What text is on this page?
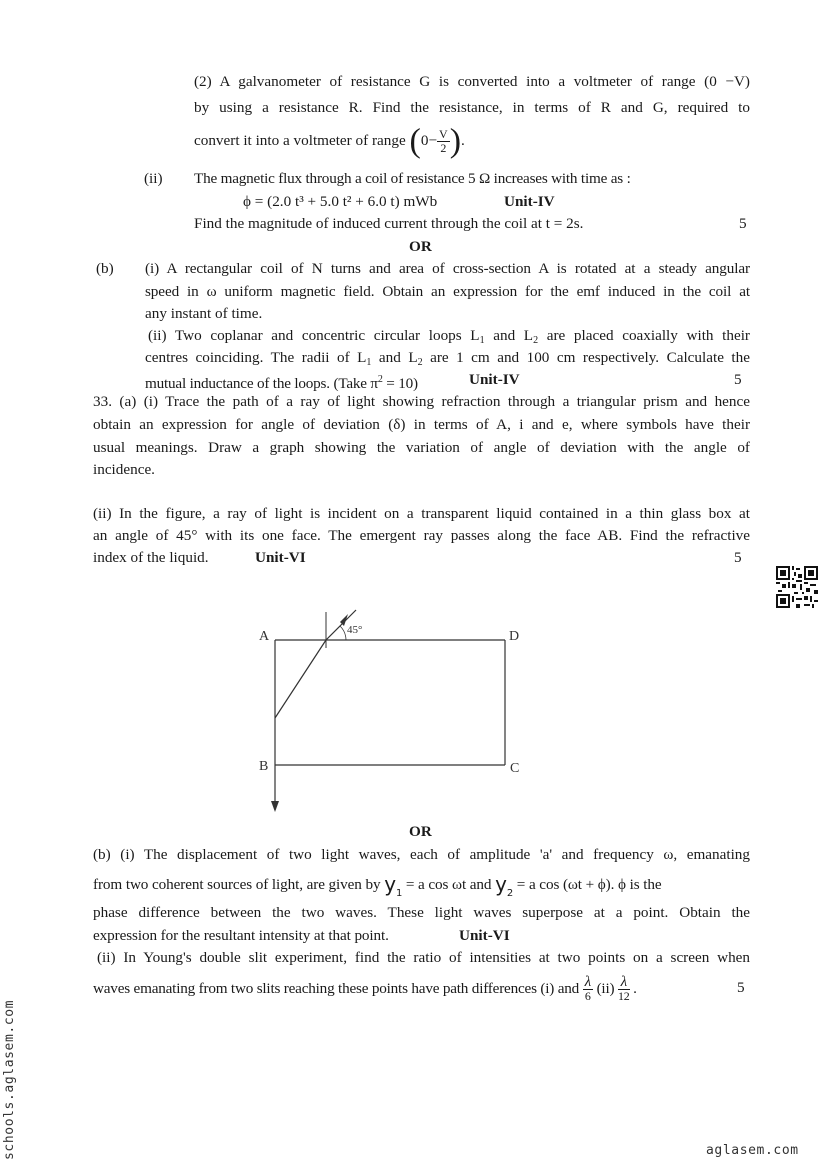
(2) A galvanometer of resistance G is converted into a voltmeter of range (0 −V)
by using a resistance R. Find the resistance, in terms of R and G, required to
convert it into a voltmeter of range ($0- \frac{V}{2}$ ).
(ii) The magnetic flux through a coil of resistance 5 Ω increases with time as :
ϕ = (2.0 t³ + 5.0 t² + 6.0 t) mWb	Unit-IV
Find the magnitude of induced current through the coil at t = 2s.	5
OR
(b) (i) A rectangular coil of N turns and area of cross-section A is rotated at a steady angular
speed in ω uniform magnetic field. Obtain an expression for the emf induced in the coil at
any instant of time.
(ii) Two coplanar and concentric circular loops $L_1$ and $L_2$ are placed coaxially with their
centres coinciding. The radii of $L_1$ and $L_2$ are 1 cm and 100 cm respectively. Calculate the
mutual inductance of the loops. (Take $\pi^2 = 10$)	Unit-IV	5
33. (a) (i) Trace the path of a ray of light showing refraction through a triangular prism and hence
obtain an expression for angle of deviation (δ) in terms of A, i and e, where symbols have their
usual meanings. Draw a graph showing the variation of angle of deviation with the angle of
incidence.
(ii) In the figure, a ray of light is incident on a transparent liquid contained in a thin glass box at
an angle of 45° with its one face. The emergent ray passes along the face AB. Find the refractive
index of the liquid.	Unit-VI	5
A	D
B	C
45°
OR
(b) (i) The displacement of two light waves, each of amplitude 'a' and frequency ω, emanating
from two coherent sources of light, are given by $y_1 = a$ cos ωt and $y_2 = a$ cos (ωt + ϕ). ϕ is the
phase difference between the two waves. These light waves superpose at a point. Obtain the
expression for the resultant intensity at that point.	Unit-VI
(ii) In Young's double slit experiment, find the ratio of intensities at two points on a screen when
waves emanating from two slits reaching these points have path differences (i) and $\frac{\lambda}{6} (ii) \frac{\lambda}{12}$ .	5
schools.aglasem.com	aglasem.com
